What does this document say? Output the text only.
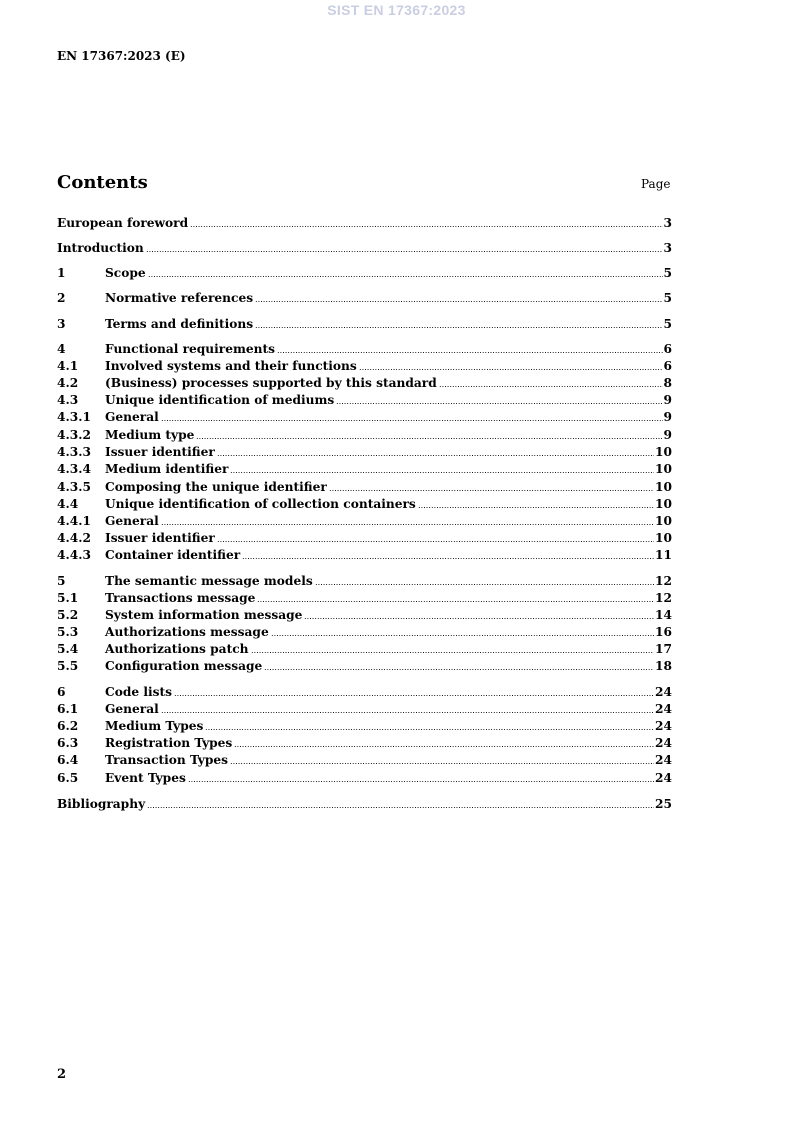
SIST EN 17367:2023
EN 17367:2023 (E)
Contents	Page
European foreword	3
Introduction	3
1	Scope	5
2	Normative references	5
3	Terms and definitions	5
4	Functional requirements	6
4.1	Involved systems and their functions	6
4.2	(Business) processes supported by this standard	8
4.3	Unique identification of mediums	9
4.3.1	General	9
4.3.2	Medium type	9
4.3.3	Issuer identifier	10
4.3.4	Medium identifier	10
4.3.5	Composing the unique identifier	10
4.4	Unique identification of collection containers	10
4.4.1	General	10
4.4.2	Issuer identifier	10
4.4.3	Container identifier	11
5	The semantic message models	12
5.1	Transactions message	12
5.2	System information message	14
5.3	Authorizations message	16
5.4	Authorizations patch	17
5.5	Configuration message	18
6	Code lists	24
6.1	General	24
6.2	Medium Types	24
6.3	Registration Types	24
6.4	Transaction Types	24
6.5	Event Types	24
Bibliography	25
2
